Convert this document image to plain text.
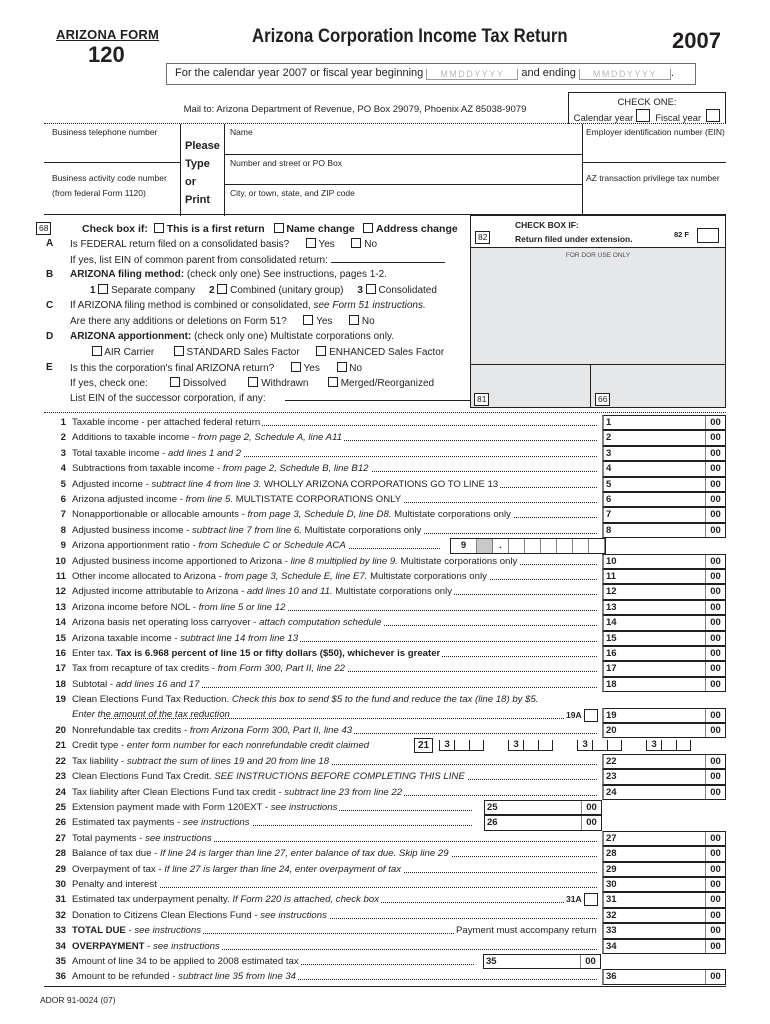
ARIZONA FORM
120
Arizona Corporation Income Tax Return	2007
For the calendar year 2007 or fiscal year beginning MMDDYYYY and ending MMDDYYYY .
Mail to: Arizona Department of Revenue, PO Box 29079, Phoenix AZ 85038-9079
CHECK ONE:
Calendar year Fiscal year
Business telephone number
Business activity code number
(from federal Form 1120)
Please
Type
or
Print
Name
Number and street or PO Box
City, or town, state, and ZIP code
Employer identification number (EIN)
AZ transaction privilege tax number
68	Check box if: This is a first return Name change Address change
A Is FEDERAL return filed on a consolidated basis?	Yes	No
If yes, list EIN of common parent from consolidated return:
B ARIZONA filing method: (check only one) See instructions, pages 1-2.
1 Separate company 2 Combined (unitary group) 3 Consolidated
C If ARIZONA filing method is combined or consolidated, see Form 51 instructions.
Are there any additions or deletions on Form 51?	Yes	No
D ARIZONA apportionment: (check only one) Multistate corporations only.
AIR Carrier	STANDARD Sales Factor	ENHANCED Sales Factor
E Is this the corporation's final ARIZONA return?	Yes	No
If yes, check one:	Dissolved	Withdrawn	Merged/Reorganized
List EIN of the successor corporation, if any:
82
CHECK BOX IF:
Return filed under extension.	82 F
FOR DOR USE ONLY
81	66
1 Taxable income - per attached federal return	1	00
2 Additions to taxable income - from page 2, Schedule A, line A11	2	00
3 Total taxable income - add lines 1 and 2	3	00
4 Subtractions from taxable income - from page 2, Schedule B, line B12	4	00
5 Adjusted income - subtract line 4 from line 3. WHOLLY ARIZONA CORPORATIONS GO TO LINE 13	5	00
6 Arizona adjusted income - from line 5. MULTISTATE CORPORATIONS ONLY	6	00
7 Nonapportionable or allocable amounts - from page 3, Schedule D, line D8. Multistate corporations only	7	00
8 Adjusted business income - subtract line 7 from line 6. Multistate corporations only	8	00
9 Arizona apportionment ratio - from Schedule C or Schedule ACA	9	.
10 Adjusted business income apportioned to Arizona - line 8 multiplied by line 9. Multistate corporations only	10	00
11 Other income allocated to Arizona - from page 3, Schedule E, line E7. Multistate corporations only	11	00
12 Adjusted income attributable to Arizona - add lines 10 and 11. Multistate corporations only	12	00
13 Arizona income before NOL - from line 5 or line 12	13	00
14 Arizona basis net operating loss carryover - attach computation schedule	14	00
15 Arizona taxable income - subtract line 14 from line 13	15	00
16 Enter tax. Tax is 6.968 percent of line 15 or fifty dollars ($50), whichever is greater	16	00
17 Tax from recapture of tax credits - from Form 300, Part II, line 22	17	00
18 Subtotal - add lines 16 and 17	18	00
19 Clean Elections Fund Tax Reduction. Check this box to send $5 to the fund and reduce the tax (line 18) by $5.
19	00
Enter the amount of the tax reduction	19A
20 Nonrefundable tax credits - from Arizona Form 300, Part II, line 43	20	00
21 Credit type - enter form number for each nonrefundable credit claimed	21	3	3	3	3
22 Tax liability - subtract the sum of lines 19 and 20 from line 18	22	00
23 Clean Elections Fund Tax Credit. SEE INSTRUCTIONS BEFORE COMPLETING THIS LINE	23	00
24 Tax liability after Clean Elections Fund tax credit - subtract line 23 from line 22	24	00
25 Extension payment made with Form 120EXT - see instructions	25	00
26 Estimated tax payments - see instructions	26	00
27 Total payments - see instructions	27	00
28 Balance of tax due - If line 24 is larger than line 27, enter balance of tax due. Skip line 29	28	00
29 Overpayment of tax - If line 27 is larger than line 24, enter overpayment of tax	29	00
30 Penalty and interest	30	00
31 Estimated tax underpayment penalty. If Form 220 is attached, check box	31	00
31A
32 Donation to Citizens Clean Elections Fund - see instructions	32	00
33 TOTAL DUE - see instructions	33	00
Payment must accompany return
34 OVERPAYMENT - see instructions	34	00
35 Amount of line 34 to be applied to 2008 estimated tax	35	00
36 Amount to be refunded - subtract line 35 from line 34	36	00
ADOR 91-0024 (07)
